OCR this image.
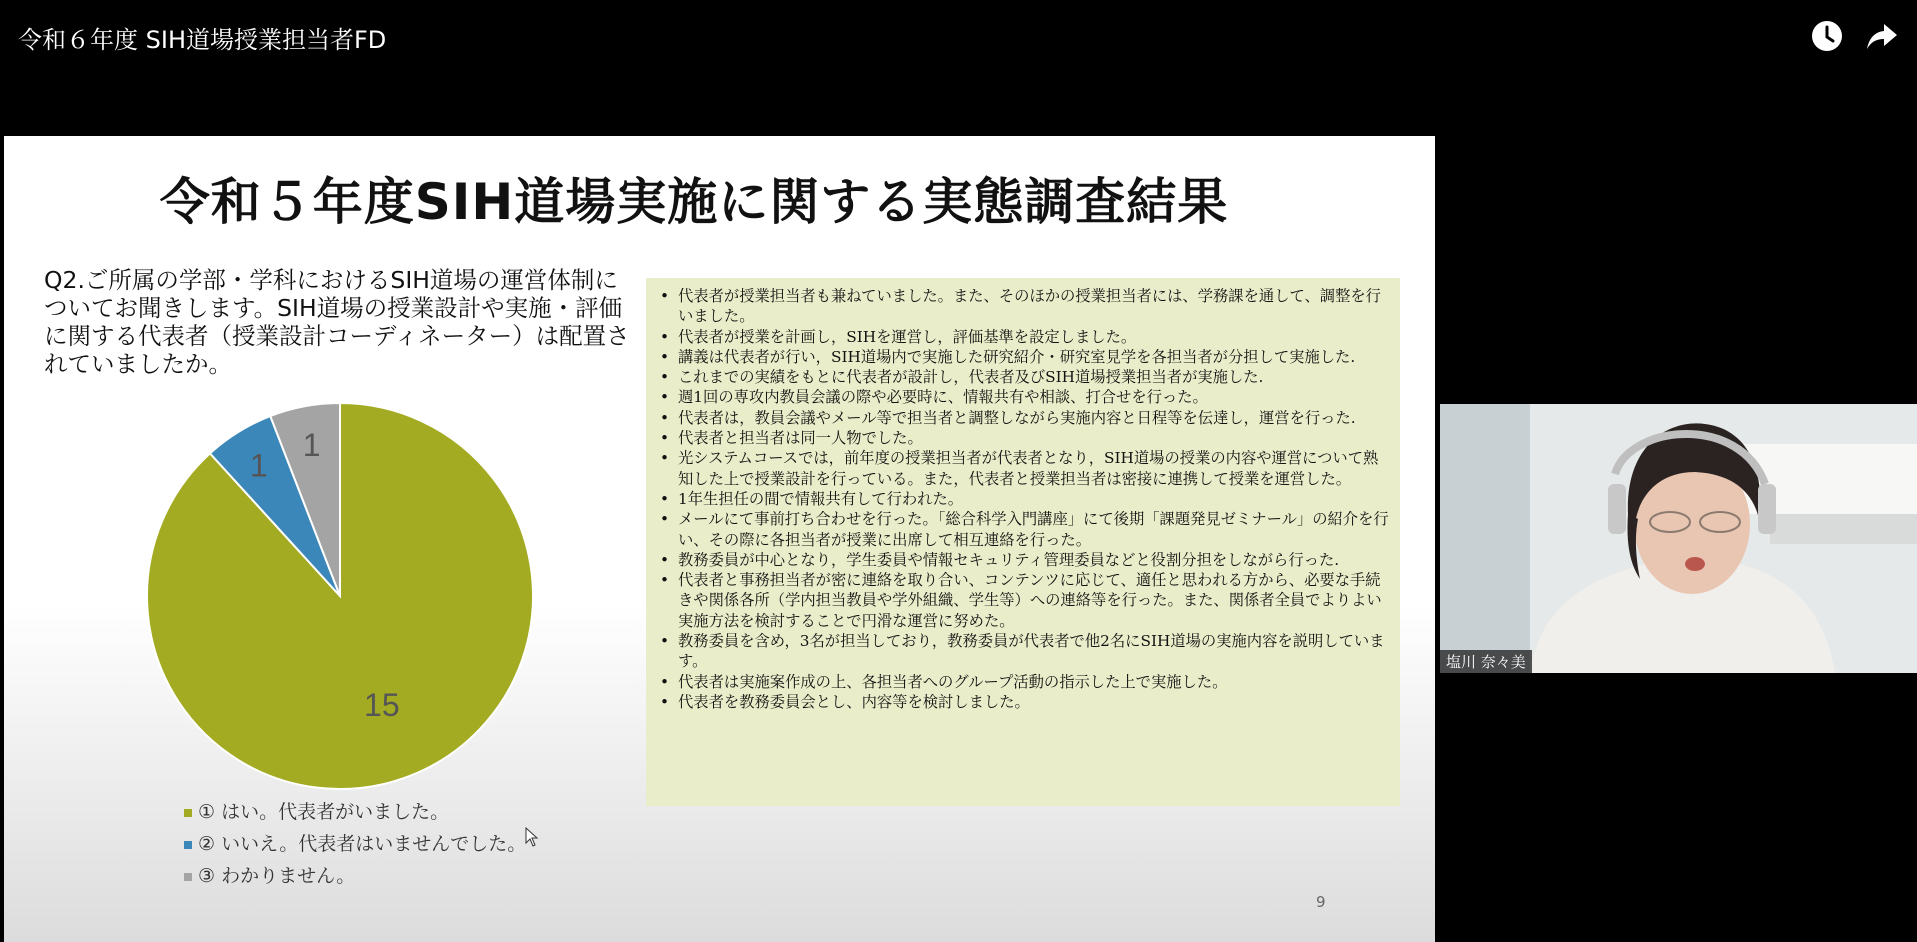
令和６年度 SIH道場授業担当者FD
令和５年度SIH道場実施に関する実態調査結果
Q2.ご所属の学部・学科におけるSIH道場の運営体制についてお聞きします。SIH道場の授業設計や実施・評価に関する代表者（授業設計コーディネーター）は配置されていましたか。
15
1
1
① はい。代表者がいました。
② いいえ。代表者はいませんでした。
③ わかりません。
• 代表者が授業担当者も兼ねていました。また、そのほかの授業担当者には、学務課を通して、調整を行いました。
• 代表者が授業を計画し，SIHを運営し，評価基準を設定しました。
• 講義は代表者が行い，SIH道場内で実施した研究紹介・研究室見学を各担当者が分担して実施した.
• これまでの実績をもとに代表者が設計し，代表者及びSIH道場授業担当者が実施した.
• 週1回の専攻内教員会議の際や必要時に、情報共有や相談、打合せを行った。
• 代表者は，教員会議やメール等で担当者と調整しながら実施内容と日程等を伝達し，運営を行った.
• 代表者と担当者は同一人物でした。
• 光システムコースでは，前年度の授業担当者が代表者となり，SIH道場の授業の内容や運営について熟知した上で授業設計を行っている。また，代表者と授業担当者は密接に連携して授業を運営した。
• 1年生担任の間で情報共有して行われた。
• メールにて事前打ち合わせを行った。「総合科学入門講座」にて後期「課題発見ゼミナール」の紹介を行い、その際に各担当者が授業に出席して相互連絡を行った。
• 教務委員が中心となり，学生委員や情報セキュリティ管理委員などと役割分担をしながら行った.
• 代表者と事務担当者が密に連絡を取り合い、コンテンツに応じて、適任と思われる方から、必要な手続きや関係各所（学内担当教員や学外組織、学生等）への連絡等を行った。また、関係者全員でよりよい実施方法を検討することで円滑な運営に努めた。
• 教務委員を含め，3名が担当しており，教務委員が代表者で他2名にSIH道場の実施内容を説明しています。
• 代表者は実施案作成の上、各担当者へのグループ活動の指示した上で実施した。
• 代表者を教務委員会とし、内容等を検討しました。
9
塩川 奈々美
